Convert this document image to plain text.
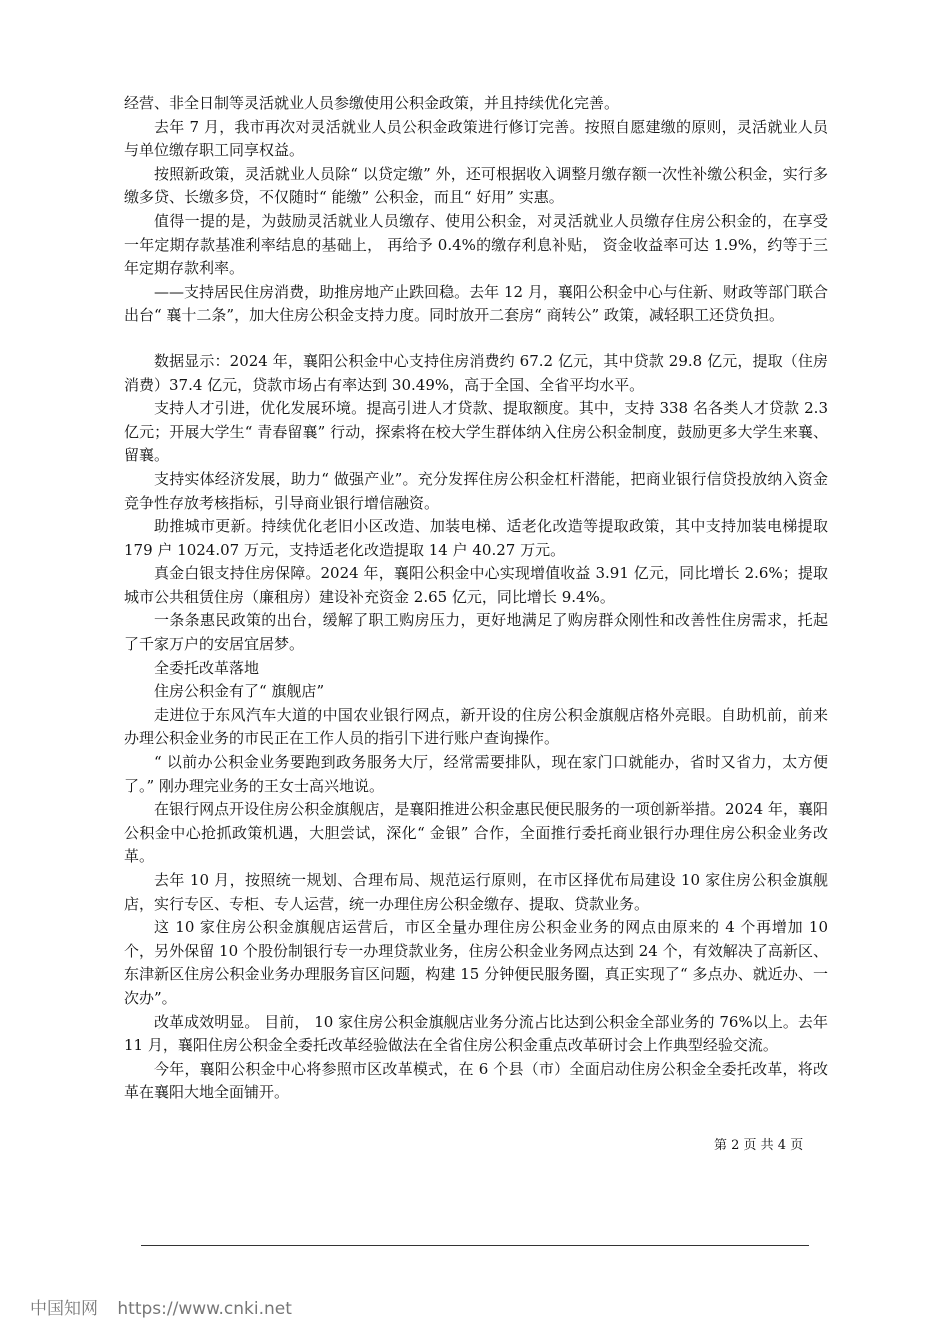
经营、非全日制等灵活就业人员参缴使用公积金政策，并且持续优化完善。

去年 7 月，我市再次对灵活就业人员公积金政策进行修订完善。按照自愿建缴的原则，灵活就业人员与单位缴存职工同享权益。

按照新政策，灵活就业人员除“ 以贷定缴” 外，还可根据收入调整月缴存额一次性补缴公积金，实行多缴多贷、长缴多贷，不仅随时“ 能缴” 公积金，而且“ 好用” 实惠。

值得一提的是，为鼓励灵活就业人员缴存、使用公积金，对灵活就业人员缴存住房公积金的，在享受一年定期存款基准利率结息的基础上， 再给予 0.4%的缴存利息补贴， 资金收益率可达 1.9%，约等于三年定期存款利率。

——支持居民住房消费，助推房地产止跌回稳。去年 12 月，襄阳公积金中心与住新、财政等部门联合出台“ 襄十二条”，加大住房公积金支持力度。同时放开二套房“ 商转公” 政策，减轻职工还贷负担。

数据显示：2024 年，襄阳公积金中心支持住房消费约 67.2 亿元，其中贷款 29.8 亿元，提取（住房消费）37.4 亿元，贷款市场占有率达到 30.49%，高于全国、全省平均水平。

支持人才引进，优化发展环境。提高引进人才贷款、提取额度。其中，支持 338 名各类人才贷款 2.3 亿元；开展大学生“ 青春留襄” 行动，探索将在校大学生群体纳入住房公积金制度，鼓励更多大学生来襄、留襄。

支持实体经济发展，助力“ 做强产业”。充分发挥住房公积金杠杆潜能，把商业银行信贷投放纳入资金竞争性存放考核指标，引导商业银行增信融资。

助推城市更新。持续优化老旧小区改造、加装电梯、适老化改造等提取政策，其中支持加装电梯提取 179 户 1024.07 万元，支持适老化改造提取 14 户 40.27 万元。

真金白银支持住房保障。2024 年，襄阳公积金中心实现增值收益 3.91 亿元，同比增长 2.6%；提取城市公共租赁住房（廉租房）建设补充资金 2.65 亿元，同比增长 9.4%。

一条条惠民政策的出台，缓解了职工购房压力，更好地满足了购房群众刚性和改善性住房需求，托起了千家万户的安居宜居梦。

全委托改革落地

住房公积金有了“ 旗舰店”

走进位于东风汽车大道的中国农业银行网点，新开设的住房公积金旗舰店格外亮眼。自助机前，前来办理公积金业务的市民正在工作人员的指引下进行账户查询操作。

“ 以前办公积金业务要跑到政务服务大厅，经常需要排队，现在家门口就能办，省时又省力，太方便了。” 刚办理完业务的王女士高兴地说。

在银行网点开设住房公积金旗舰店，是襄阳推进公积金惠民便民服务的一项创新举措。2024 年，襄阳公积金中心抢抓政策机遇，大胆尝试，深化“ 金银” 合作，全面推行委托商业银行办理住房公积金业务改革。

去年 10 月，按照统一规划、合理布局、规范运行原则，在市区择优布局建设 10 家住房公积金旗舰店，实行专区、专柜、专人运营，统一办理住房公积金缴存、提取、贷款业务。

这 10 家住房公积金旗舰店运营后，市区全量办理住房公积金业务的网点由原来的 4 个再增加 10 个，另外保留 10 个股份制银行专一办理贷款业务，住房公积金业务网点达到 24 个，有效解决了高新区、东津新区住房公积金业务办理服务盲区问题，构建 15 分钟便民服务圈，真正实现了“ 多点办、就近办、一次办”。

改革成效明显。 目前， 10 家住房公积金旗舰店业务分流占比达到公积金全部业务的 76%以上。去年 11 月，襄阳住房公积金全委托改革经验做法在全省住房公积金重点改革研讨会上作典型经验交流。

今年，襄阳公积金中心将参照市区改革模式，在 6 个县（市）全面启动住房公积金全委托改革，将改革在襄阳大地全面铺开。

第 2 页 共 4 页
中国知网 https://www.cnki.net
